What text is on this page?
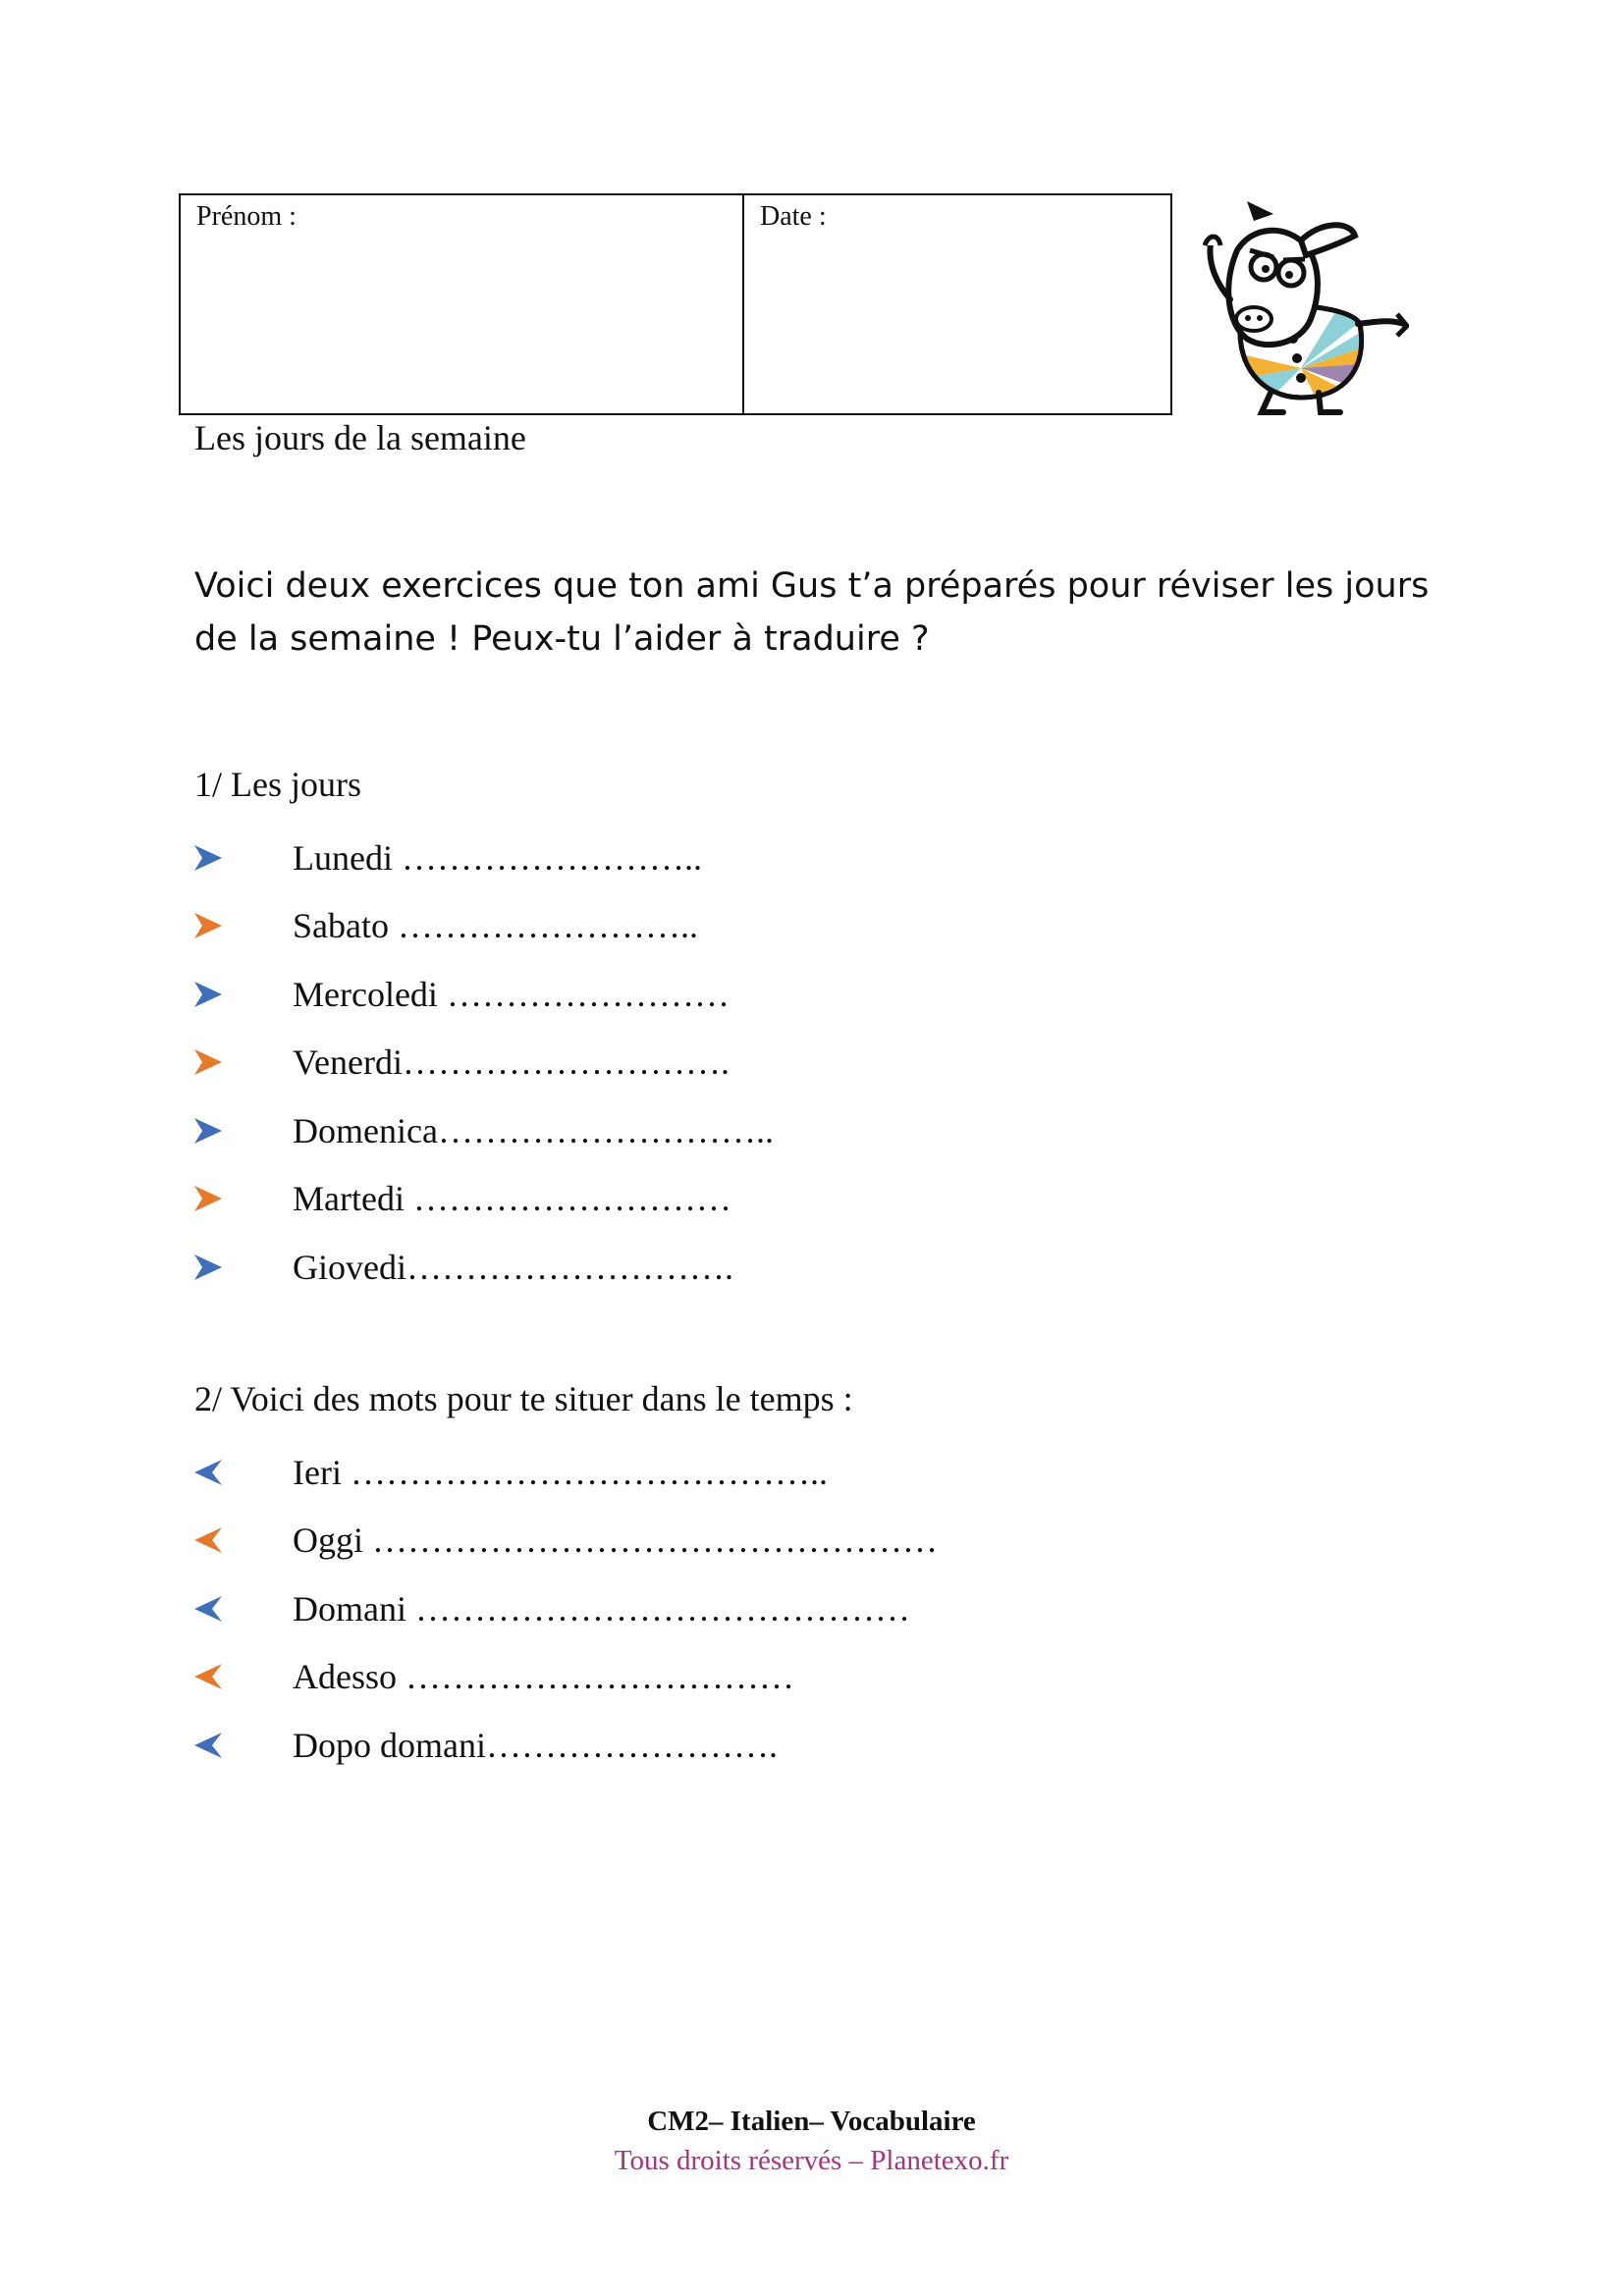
Prénom :	Date :
Les jours de la semaine
Voici deux exercices que ton ami Gus t’a préparés pour réviser les jours de la semaine ! Peux-tu l’aider à traduire ?
1/ Les jours
Lunedi ……………………..
Sabato ……………………..
Mercoledi ……………………
Venerdi……………………….
Domenica………………………..
Martedi ………………………
Giovedi……………………….
2/ Voici des mots pour te situer dans le temps :
Ieri …………………………………..
Oggi …………………………………………
Domani ……………………………………
Adesso ……………………………
Dopo domani…………………….
CM2– Italien– Vocabulaire
Tous droits réservés – Planetexo.fr
